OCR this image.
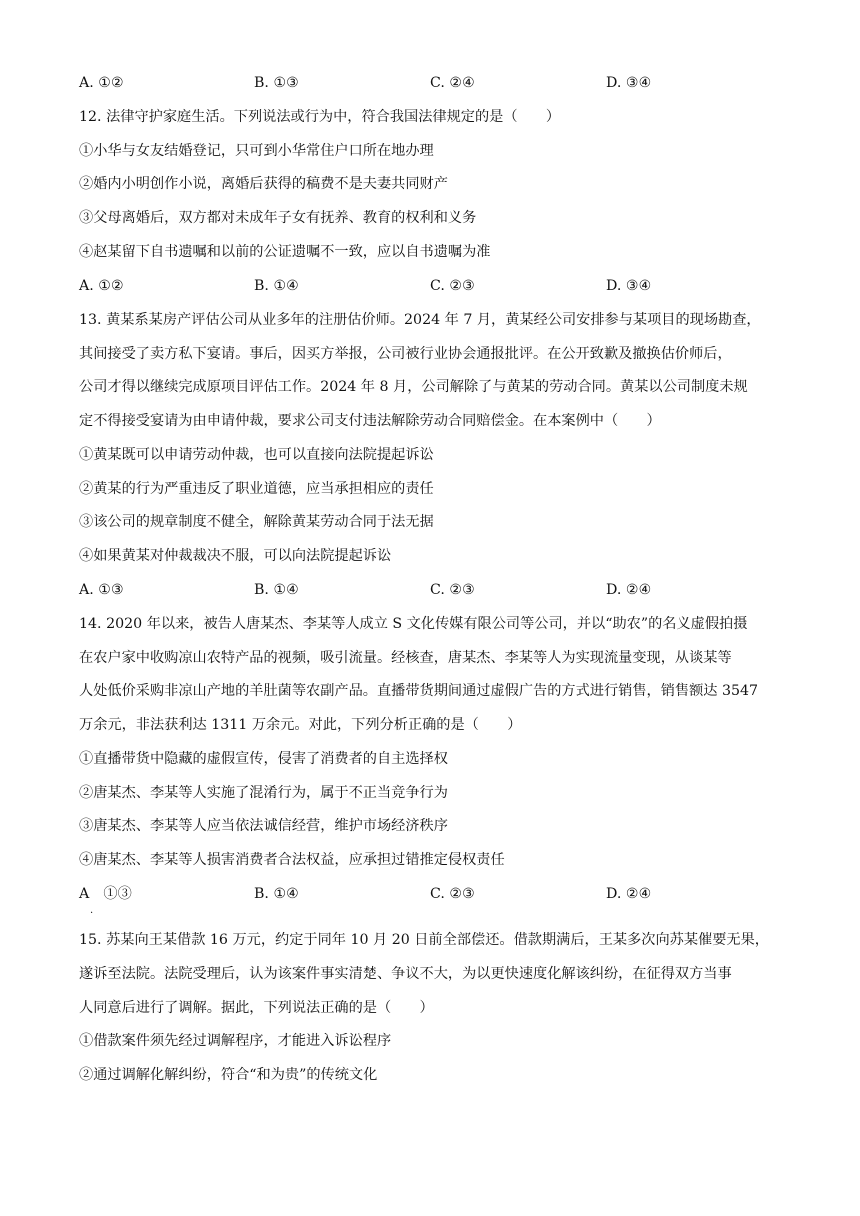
A. ①②	B. ①③	C. ②④	D. ③④
12. 法律守护家庭生活。下列说法或行为中，符合我国法律规定的是（　　）
①小华与女友结婚登记，只可到小华常住户口所在地办理
②婚内小明创作小说，离婚后获得的稿费不是夫妻共同财产
③父母离婚后，双方都对未成年子女有抚养、教育的权利和义务
④赵某留下自书遗嘱和以前的公证遗嘱不一致，应以自书遗嘱为准
A. ①②	B. ①④	C. ②③	D. ③④
13. 黄某系某房产评估公司从业多年的注册估价师。2024 年 7 月，黄某经公司安排参与某项目的现场勘查，
其间接受了卖方私下宴请。事后，因买方举报，公司被行业协会通报批评。在公开致歉及撤换估价师后，
公司才得以继续完成原项目评估工作。2024 年 8 月，公司解除了与黄某的劳动合同。黄某以公司制度未规
定不得接受宴请为由申请仲裁，要求公司支付违法解除劳动合同赔偿金。在本案例中（　　）
①黄某既可以申请劳动仲裁，也可以直接向法院提起诉讼
②黄某的行为严重违反了职业道德，应当承担相应的责任
③该公司的规章制度不健全，解除黄某劳动合同于法无据
④如果黄某对仲裁裁决不服，可以向法院提起诉讼
A. ①③	B. ①④	C. ②③	D. ②④
14. 2020 年以来，被告人唐某杰、李某等人成立 S 文化传媒有限公司等公司，并以“助农”的名义虚假拍摄
在农户家中收购凉山农特产品的视频，吸引流量。经核查，唐某杰、李某等人为实现流量变现，从谈某等
人处低价采购非凉山产地的羊肚菌等农副产品。直播带货期间通过虚假广告的方式进行销售，销售额达 3547
万余元，非法获利达 1311 万余元。对此，下列分析正确的是（　　）
①直播带货中隐藏的虚假宣传，侵害了消费者的自主选择权
②唐某杰、李某等人实施了混淆行为，属于不正当竞争行为
③唐某杰、李某等人应当依法诚信经营，维护市场经济秩序
④唐某杰、李某等人损害消费者合法权益，应承担过错推定侵权责任
A　①③
.
B. ①④	C. ②③	D. ②④
15. 苏某向王某借款 16 万元，约定于同年 10 月 20 日前全部偿还。借款期满后，王某多次向苏某催要无果，
遂诉至法院。法院受理后，认为该案件事实清楚、争议不大，为以更快速度化解该纠纷，在征得双方当事
人同意后进行了调解。据此，下列说法正确的是（　　）
①借款案件须先经过调解程序，才能进入诉讼程序
②通过调解化解纠纷，符合“和为贵”的传统文化
